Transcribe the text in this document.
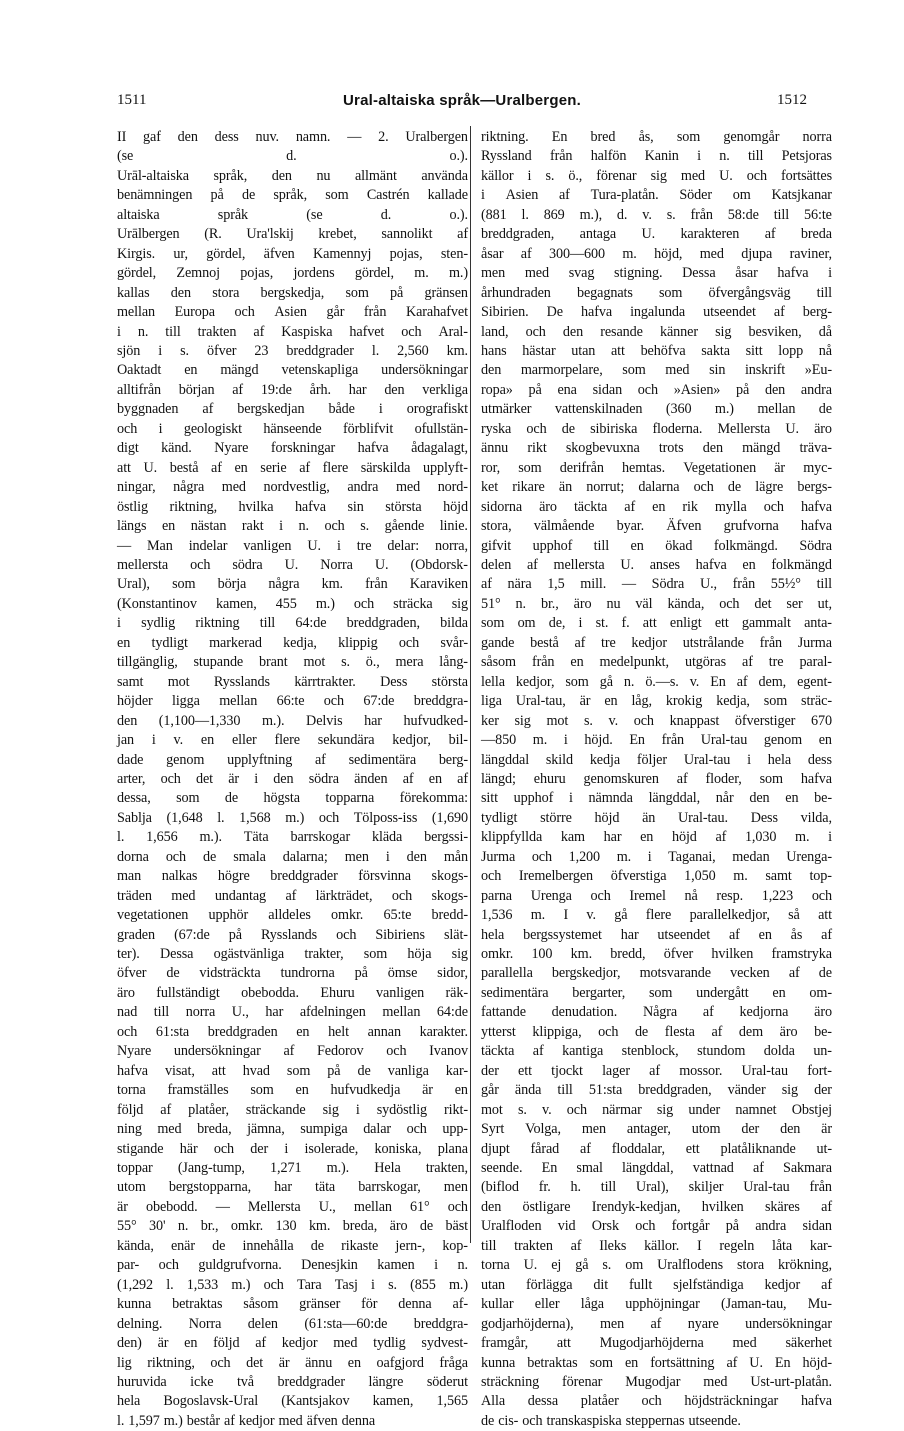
1511	Ural-altaiska språk—Uralbergen.	1512
II gaf den dess nuv. namn. — 2. Uralbergen
(se	d.	o.).
Urāl-altaiska språk, den nu allmänt använda
benämningen på de språk, som Castrén kallade
altaiska	språk	(se	d.	o.).
Urālbergen (R. Ura'lskij krebet, sannolikt af
Kirgis. ur, gördel, äfven Kamennyj pojas, sten-
gördel, Zemnoj pojas, jordens gördel, m. m.)
kallas den stora bergskedja, som på gränsen
mellan Europa och Asien går från Karahafvet
i n. till trakten af Kaspiska hafvet och Aral-
sjön i s. öfver 23 breddgrader l. 2,560 km.
Oaktadt en mängd vetenskapliga undersökningar
alltifrån början af 19:de årh. har den verkliga
byggnaden af bergskedjan både i orografiskt
och i geologiskt hänseende förblifvit ofullstän-
digt känd. Nyare forskningar hafva ådagalagt,
att U. bestå af en serie af flere särskilda upplyft-
ningar, några med nordvestlig, andra med nord-
östlig riktning, hvilka hafva sin största höjd
längs en nästan rakt i n. och s. gående linie.
— Man indelar vanligen U. i tre delar: norra,
mellersta och södra U. Norra U. (Obdorsk-
Ural), som börja några km. från Karaviken
(Konstantinov kamen, 455 m.) och sträcka sig
i sydlig riktning till 64:de breddgraden, bilda
en tydligt markerad kedja, klippig och svår-
tillgänglig, stupande brant mot s. ö., mera lång-
samt mot Rysslands kärrtrakter. Dess största
höjder ligga mellan 66:te och 67:de breddgra-
den (1,100—1,330 m.). Delvis har hufvudked-
jan i v. en eller flere sekundära kedjor, bil-
dade genom upplyftning af sedimentära berg-
arter, och det är i den södra änden af en af
dessa, som de högsta topparna förekomma:
Sablja (1,648 l. 1,568 m.) och Tölposs-iss (1,690
l. 1,656 m.). Täta barrskogar kläda bergssi-
dorna och de smala dalarna; men i den mån
man nalkas högre breddgrader försvinna skogs-
träden med undantag af lärkträdet, och skogs-
vegetationen upphör alldeles omkr. 65:te bredd-
graden (67:de på Rysslands och Sibiriens slät-
ter). Dessa ogästvänliga trakter, som höja sig
öfver de vidsträckta tundrorna på ömse sidor,
äro fullständigt obebodda. Ehuru vanligen räk-
nad till norra U., har afdelningen mellan 64:de
och 61:sta breddgraden en helt annan karakter.
Nyare undersökningar af Fedorov och Ivanov
hafva visat, att hvad som på de vanliga kar-
torna framställes som en hufvudkedja är en
följd af platåer, sträckande sig i sydöstlig rikt-
ning med breda, jämna, sumpiga dalar och upp-
stigande här och der i isolerade, koniska, plana
toppar (Jang-tump, 1,271 m.). Hela trakten,
utom bergstopparna, har täta barrskogar, men
är obebodd. — Mellersta U., mellan 61° och
55° 30' n. br., omkr. 130 km. breda, äro de bäst
kända, enär de innehålla de rikaste jern-, kop-
par- och guldgrufvorna. Denesjkin kamen i n.
(1,292 l. 1,533 m.) och Tara Tasj i s. (855 m.)
kunna betraktas såsom gränser för denna af-
delning. Norra delen (61:sta—60:de breddgra-
den) är en följd af kedjor med tydlig sydvest-
lig riktning, och det är ännu en oafgjord fråga
huruvida icke två breddgrader längre söderut
hela Bogoslavsk-Ural (Kantsjakov kamen, 1,565
l. 1,597 m.) består af kedjor med äfven denna
riktning. En bred ås, som genomgår norra
Ryssland från halfön Kanin i n. till Petsjoras
källor i s. ö., förenar sig med U. och fortsättes
i Asien af Tura-platån. Söder om Katsjkanar
(881 l. 869 m.), d. v. s. från 58:de till 56:te
breddgraden, antaga U. karakteren af breda
åsar af 300—600 m. höjd, med djupa raviner,
men med svag stigning. Dessa åsar hafva i
århundraden begagnats som öfvergångsväg till
Sibirien. De hafva ingalunda utseendet af berg-
land, och den resande känner sig besviken, då
hans hästar utan att behöfva sakta sitt lopp nå
den marmorpelare, som med sin inskrift »Eu-
ropa» på ena sidan och »Asien» på den andra
utmärker vattenskilnaden (360 m.) mellan de
ryska och de sibiriska floderna. Mellersta U. äro
ännu rikt skogbevuxna trots den mängd träva-
ror, som derifrån hemtas. Vegetationen är myc-
ket rikare än norrut; dalarna och de lägre bergs-
sidorna äro täckta af en rik mylla och hafva
stora, välmående byar. Äfven grufvorna hafva
gifvit upphof till en ökad folkmängd. Södra
delen af mellersta U. anses hafva en folkmängd
af nära 1,5 mill. — Södra U., från 55½° till
51° n. br., äro nu väl kända, och det ser ut,
som om de, i st. f. att enligt ett gammalt anta-
gande bestå af tre kedjor utstrålande från Jurma
såsom från en medelpunkt, utgöras af tre paral-
lella kedjor, som gå n. ö.—s. v. En af dem, egent-
liga Ural-tau, är en låg, krokig kedja, som sträc-
ker sig mot s. v. och knappast öfverstiger 670
—850 m. i höjd. En från Ural-tau genom en
längddal skild kedja följer Ural-tau i hela dess
längd; ehuru genomskuren af floder, som hafva
sitt upphof i nämnda längddal, når den en be-
tydligt större höjd än Ural-tau. Dess vilda,
klippfyllda kam har en höjd af 1,030 m. i
Jurma och 1,200 m. i Taganai, medan Urenga-
och Iremelbergen öfverstiga 1,050 m. samt top-
parna Urenga och Iremel nå resp. 1,223 och
1,536 m. I v. gå flere parallelkedjor, så att
hela bergssystemet har utseendet af en ås af
omkr. 100 km. bredd, öfver hvilken framstryka
parallella bergskedjor, motsvarande vecken af de
sedimentära bergarter, som undergått en om-
fattande denudation. Några af kedjorna äro
ytterst klippiga, och de flesta af dem äro be-
täckta af kantiga stenblock, stundom dolda un-
der ett tjockt lager af mossor. Ural-tau fort-
går ända till 51:sta breddgraden, vänder sig der
mot s. v. och närmar sig under namnet Obstjej
Syrt Volga, men antager, utom der den är
djupt fårad af floddalar, ett platåliknande ut-
seende. En smal längddal, vattnad af Sakmara
(biflod fr. h. till Ural), skiljer Ural-tau från
den östligare Irendyk-kedjan, hvilken skäres af
Uralfloden vid Orsk och fortgår på andra sidan
till trakten af Ileks källor. I regeln låta kar-
torna U. ej gå s. om Uralflodens stora krökning,
utan förlägga dit fullt sjelfständiga kedjor af
kullar eller låga upphöjningar (Jaman-tau, Mu-
godjarhöjderna), men af nyare undersökningar
framgår, att Mugodjarhöjderna med säkerhet
kunna betraktas som en fortsättning af U. En höjd-
sträckning förenar Mugodjar med Ust-urt-platån.
Alla dessa platåer och höjdsträckningar hafva
de cis- och transkaspiska steppernas utseende.
